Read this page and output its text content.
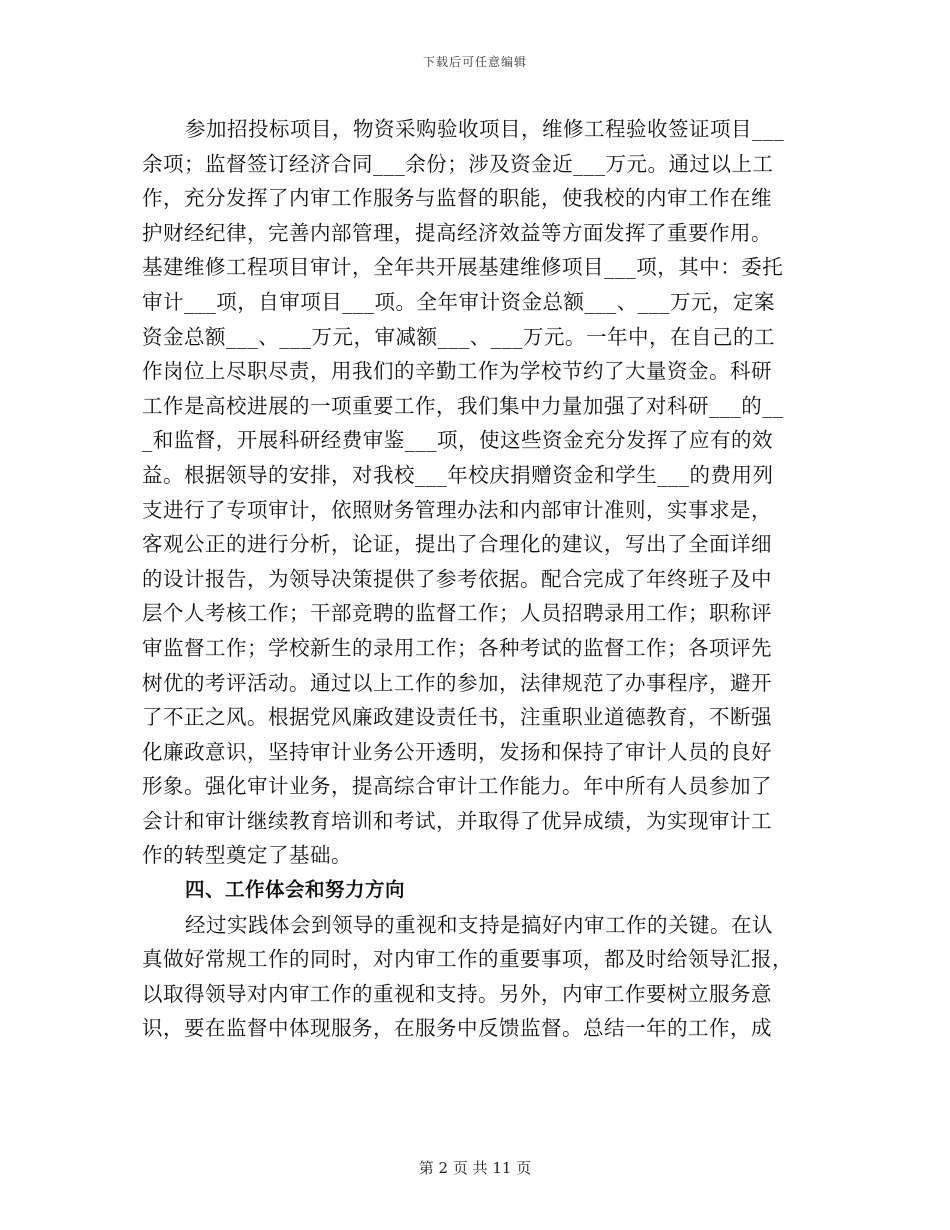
下载后可任意编辑
参加招投标项目，物资采购验收项目，维修工程验收签证项目___
余项；监督签订经济合同___余份；涉及资金近___万元。通过以上工
作，充分发挥了内审工作服务与监督的职能，使我校的内审工作在维
护财经纪律，完善内部管理，提高经济效益等方面发挥了重要作用。
基建维修工程项目审计，全年共开展基建维修项目___项，其中：委托
审计___项，自审项目___项。全年审计资金总额___、___万元，定案
资金总额___、___万元，审减额___、___万元。一年中，在自己的工
作岗位上尽职尽责，用我们的辛勤工作为学校节约了大量资金。科研
工作是高校进展的一项重要工作，我们集中力量加强了对科研___的__
_和监督，开展科研经费审鉴___项，使这些资金充分发挥了应有的效
益。根据领导的安排，对我校___年校庆捐赠资金和学生___的费用列
支进行了专项审计，依照财务管理办法和内部审计准则，实事求是，
客观公正的进行分析，论证，提出了合理化的建议，写出了全面详细
的设计报告，为领导决策提供了参考依据。配合完成了年终班子及中
层个人考核工作；干部竞聘的监督工作；人员招聘录用工作；职称评
审监督工作；学校新生的录用工作；各种考试的监督工作；各项评先
树优的考评活动。通过以上工作的参加，法律规范了办事程序，避开
了不正之风。根据党风廉政建设责任书，注重职业道德教育，不断强
化廉政意识，坚持审计业务公开透明，发扬和保持了审计人员的良好
形象。强化审计业务，提高综合审计工作能力。年中所有人员参加了
会计和审计继续教育培训和考试，并取得了优异成绩，为实现审计工
作的转型奠定了基础。
四、工作体会和努力方向
经过实践体会到领导的重视和支持是搞好内审工作的关键。在认
真做好常规工作的同时，对内审工作的重要事项，都及时给领导汇报，
以取得领导对内审工作的重视和支持。另外，内审工作要树立服务意
识，要在监督中体现服务，在服务中反馈监督。总结一年的工作，成
第 2 页 共 11 页
